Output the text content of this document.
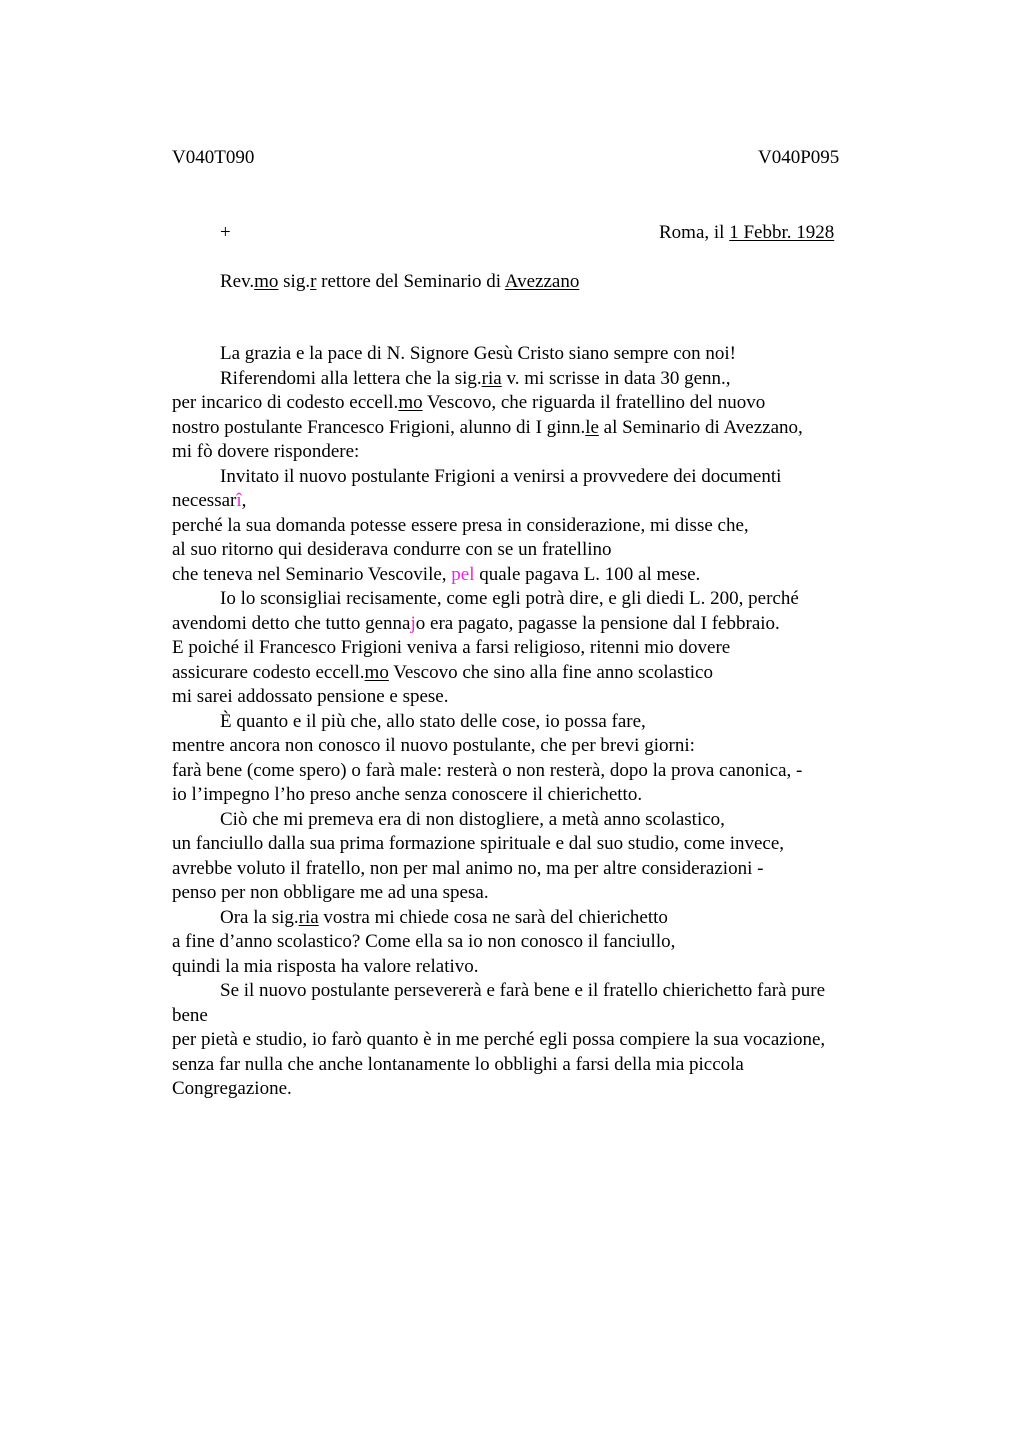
V040T090	V040P095
+	Roma, il 1 Febbr. 1928
Rev.mo sig.r rettore del Seminario di Avezzano
La grazia e la pace di N. Signore Gesù Cristo siano sempre con noi!
Riferendomi alla lettera che la sig.ria v. mi scrisse in data 30 genn.,
per incarico di codesto eccell.mo Vescovo, che riguarda il fratellino del nuovo
nostro postulante Francesco Frigioni, alunno di I ginn.le al Seminario di Avezzano,
mi fò dovere rispondere:
Invitato il nuovo postulante Frigioni a venirsi a provvedere dei documenti
necessarî,
perché la sua domanda potesse essere presa in considerazione, mi disse che,
al suo ritorno qui desiderava condurre con se un fratellino
che teneva nel Seminario Vescovile, pel quale pagava L. 100 al mese.
Io lo sconsigliai recisamente, come egli potrà dire, e gli diedi L. 200, perché
avendomi detto che tutto gennajo era pagato, pagasse la pensione dal I febbraio.
E poiché il Francesco Frigioni veniva a farsi religioso, ritenni mio dovere
assicurare codesto eccell.mo Vescovo che sino alla fine anno scolastico
mi sarei addossato pensione e spese.
È quanto e il più che, allo stato delle cose, io possa fare,
mentre ancora non conosco il nuovo postulante, che per brevi giorni:
farà bene (come spero) o farà male: resterà o non resterà, dopo la prova canonica, -
io l’impegno l’ho preso anche senza conoscere il chierichetto.
Ciò che mi premeva era di non distogliere, a metà anno scolastico,
un fanciullo dalla sua prima formazione spirituale e dal suo studio, come invece,
avrebbe voluto il fratello, non per mal animo no, ma per altre considerazioni -
penso per non obbligare me ad una spesa.
Ora la sig.ria vostra mi chiede cosa ne sarà del chierichetto
a fine d’anno scolastico? Come ella sa io non conosco il fanciullo,
quindi la mia risposta ha valore relativo.
Se il nuovo postulante persevererà e farà bene e il fratello chierichetto farà pure
bene
per pietà e studio, io farò quanto è in me perché egli possa compiere la sua vocazione,
senza far nulla che anche lontanamente lo obblighi a farsi della mia piccola
Congregazione.
